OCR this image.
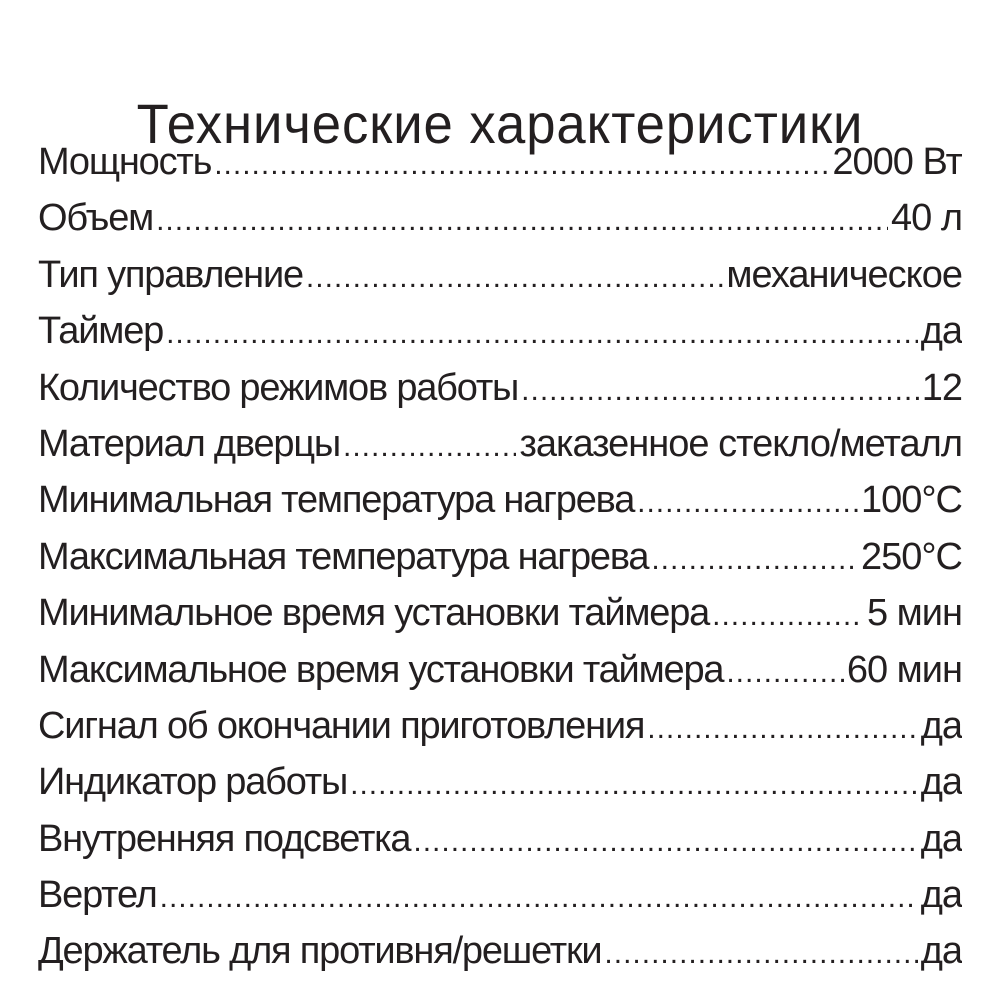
Технические характеристики
Мощность .....	2000 Вт
Объем .....	40 л
Тип управление .....	механическое
Таймер .....	да
Количество режимов работы .....	12
Материал дверцы .....	заказенное стекло/металл
Минимальная температура нагрева .....	100°С
Максимальная температура нагрева .....	250°С
Минимальное время установки таймера .....	5 мин
Максимальное время установки таймера .....	60 мин
Сигнал об окончании приготовления .....	да
Индикатор работы .....	да
Внутренняя подсветка .....	да
Вертел .....	да
Держатель для противня/решетки .....	да
